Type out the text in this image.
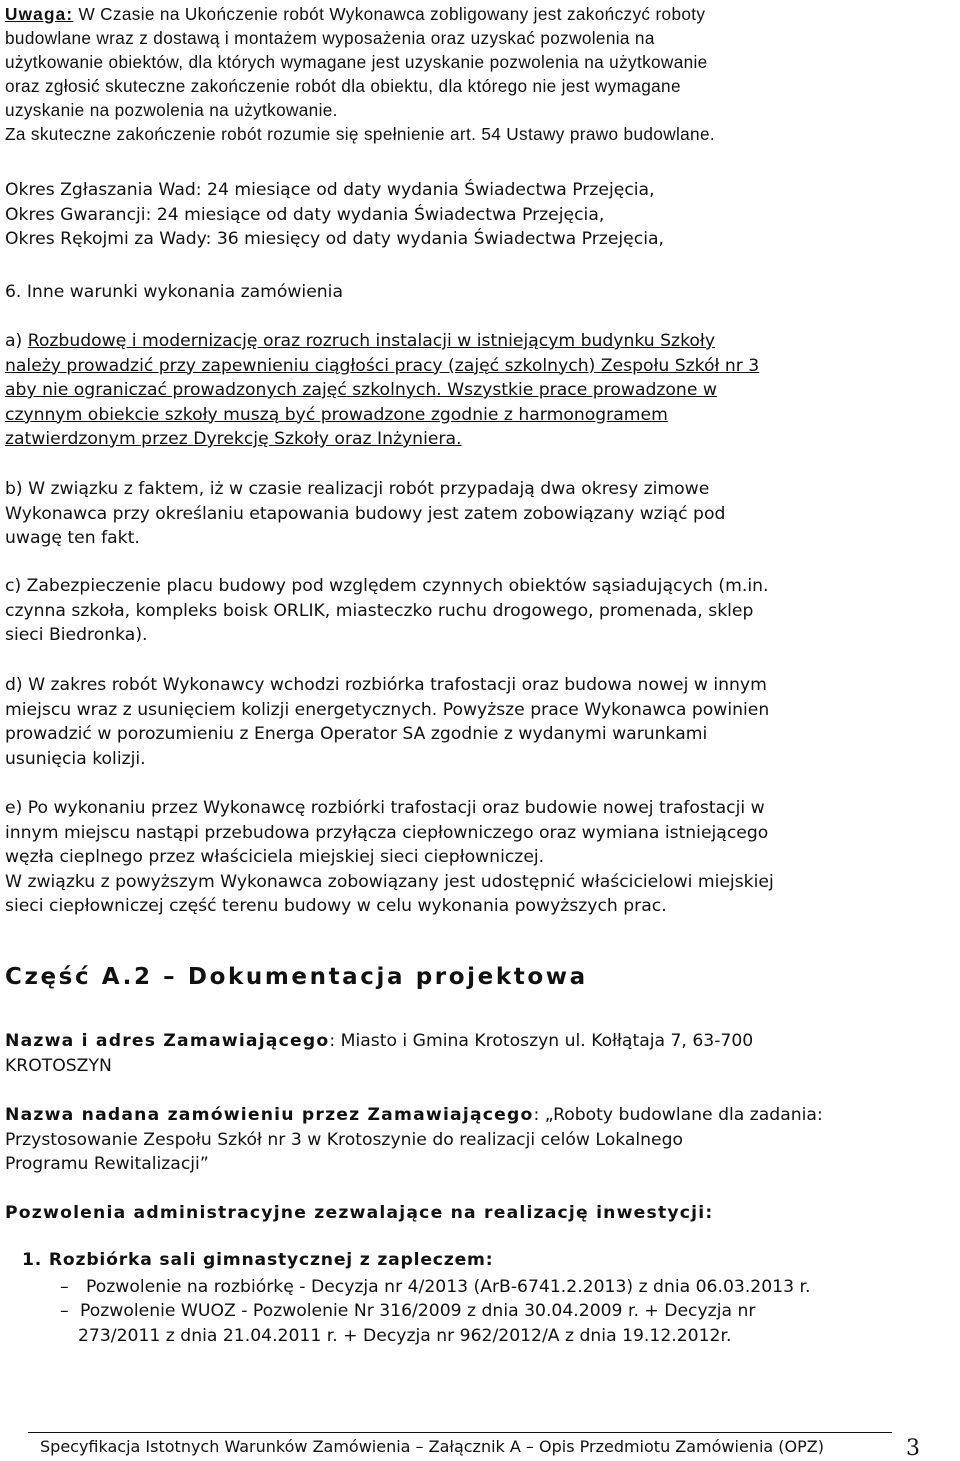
Uwaga: W Czasie na Ukończenie robót Wykonawca zobligowany jest zakończyć roboty
budowlane wraz z dostawą i montażem wyposażenia oraz uzyskać pozwolenia na
użytkowanie obiektów, dla których wymagane jest uzyskanie pozwolenia na użytkowanie
oraz zgłosić skuteczne zakończenie robót dla obiektu, dla którego nie jest wymagane
uzyskanie na pozwolenia na użytkowanie.
Za skuteczne zakończenie robót rozumie się spełnienie art. 54 Ustawy prawo budowlane.
Okres Zgłaszania Wad: 24 miesiące od daty wydania Świadectwa Przejęcia,
Okres Gwarancji: 24 miesiące od daty wydania Świadectwa Przejęcia,
Okres Rękojmi za Wady: 36 miesięcy od daty wydania Świadectwa Przejęcia,
6. Inne warunki wykonania zamówienia
a) Rozbudowę i modernizację oraz rozruch instalacji w istniejącym budynku Szkoły
należy prowadzić przy zapewnieniu ciągłości pracy (zajęć szkolnych) Zespołu Szkół nr 3
aby nie ograniczać prowadzonych zajęć szkolnych. Wszystkie prace prowadzone w
czynnym obiekcie szkoły muszą być prowadzone zgodnie z harmonogramem
zatwierdzonym przez Dyrekcję Szkoły oraz Inżyniera.
b) W związku z faktem, iż w czasie realizacji robót przypadają dwa okresy zimowe
Wykonawca przy określaniu etapowania budowy jest zatem zobowiązany wziąć pod
uwagę ten fakt.
c) Zabezpieczenie placu budowy pod względem czynnych obiektów sąsiadujących (m.in.
czynna szkoła, kompleks boisk ORLIK, miasteczko ruchu drogowego, promenada, sklep
sieci Biedronka).
d) W zakres robót Wykonawcy wchodzi rozbiórka trafostacji oraz budowa nowej w innym
miejscu wraz z usunięciem kolizji energetycznych. Powyższe prace Wykonawca powinien
prowadzić w porozumieniu z Energa Operator SA zgodnie z wydanymi warunkami
usunięcia kolizji.
e) Po wykonaniu przez Wykonawcę rozbiórki trafostacji oraz budowie nowej trafostacji w
innym miejscu nastąpi przebudowa przyłącza ciepłowniczego oraz wymiana istniejącego
węzła cieplnego przez właściciela miejskiej sieci ciepłowniczej.
W związku z powyższym Wykonawca zobowiązany jest udostępnić właścicielowi miejskiej
sieci ciepłowniczej część terenu budowy w celu wykonania powyższych prac.
Część A.2 – Dokumentacja projektowa
Nazwa i adres Zamawiającego: Miasto i Gmina Krotoszyn ul. Kołłątaja 7, 63-700
KROTOSZYN
Nazwa nadana zamówieniu przez Zamawiającego: „Roboty budowlane dla zadania:
Przystosowanie Zespołu Szkół nr 3 w Krotoszynie do realizacji celów Lokalnego
Programu Rewitalizacji”
Pozwolenia administracyjne zezwalające na realizację inwestycji:
1. Rozbiórka sali gimnastycznej z zapleczem:
– Pozwolenie na rozbiórkę - Decyzja nr 4/2013 (ArB-6741.2.2013) z dnia 06.03.2013 r.
– Pozwolenie WUOZ - Pozwolenie Nr 316/2009 z dnia 30.04.2009 r. + Decyzja nr
273/2011 z dnia 21.04.2011 r. + Decyzja nr 962/2012/A z dnia 19.12.2012r.
Specyfikacja Istotnych Warunków Zamówienia – Załącznik A – Opis Przedmiotu Zamówienia (OPZ)	3
